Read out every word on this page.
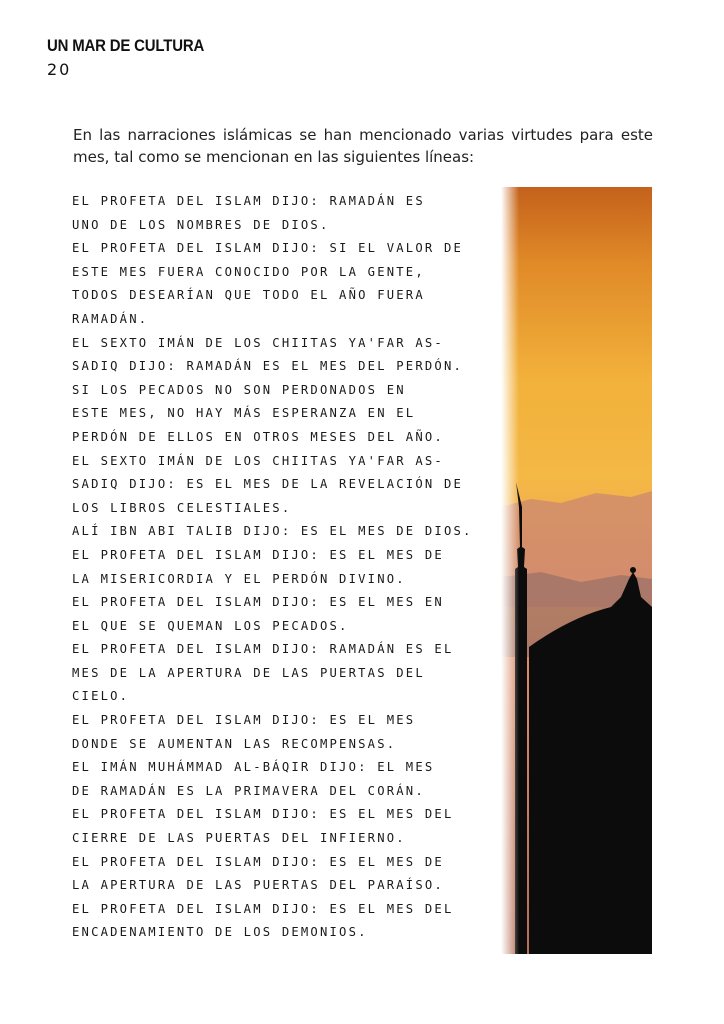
UN MAR DE CULTURA
20

En las narraciones islámicas se han mencionado varias virtudes para este mes, tal como se mencionan en las siguientes líneas:

EL PROFETA DEL ISLAM DIJO: RAMADÁN ES
UNO DE LOS NOMBRES DE DIOS.
EL PROFETA DEL ISLAM DIJO: SI EL VALOR DE
ESTE MES FUERA CONOCIDO POR LA GENTE,
TODOS DESEARÍAN QUE TODO EL AÑO FUERA
RAMADÁN.
EL SEXTO IMÁN DE LOS CHIITAS YA'FAR AS-
SADIQ DIJO: RAMADÁN ES EL MES DEL PERDÓN.
SI LOS PECADOS NO SON PERDONADOS EN
ESTE MES, NO HAY MÁS ESPERANZA EN EL
PERDÓN DE ELLOS EN OTROS MESES DEL AÑO.
EL SEXTO IMÁN DE LOS CHIITAS YA'FAR AS-
SADIQ DIJO: ES EL MES DE LA REVELACIÓN DE
LOS LIBROS CELESTIALES.
ALÍ IBN ABI TALIB DIJO: ES EL MES DE DIOS.
EL PROFETA DEL ISLAM DIJO: ES EL MES DE
LA MISERICORDIA Y EL PERDÓN DIVINO.
EL PROFETA DEL ISLAM DIJO: ES EL MES EN
EL QUE SE QUEMAN LOS PECADOS.
EL PROFETA DEL ISLAM DIJO: RAMADÁN ES EL
MES DE LA APERTURA DE LAS PUERTAS DEL
CIELO.
EL PROFETA DEL ISLAM DIJO: ES EL MES
DONDE SE AUMENTAN LAS RECOMPENSAS.
EL IMÁN MUHÁMMAD AL-BÁQIR DIJO: EL MES
DE RAMADÁN ES LA PRIMAVERA DEL CORÁN.
EL PROFETA DEL ISLAM DIJO: ES EL MES DEL
CIERRE DE LAS PUERTAS DEL INFIERNO.
EL PROFETA DEL ISLAM DIJO: ES EL MES DE
LA APERTURA DE LAS PUERTAS DEL PARAÍSO.
EL PROFETA DEL ISLAM DIJO: ES EL MES DEL
ENCADENAMIENTO DE LOS DEMONIOS.
